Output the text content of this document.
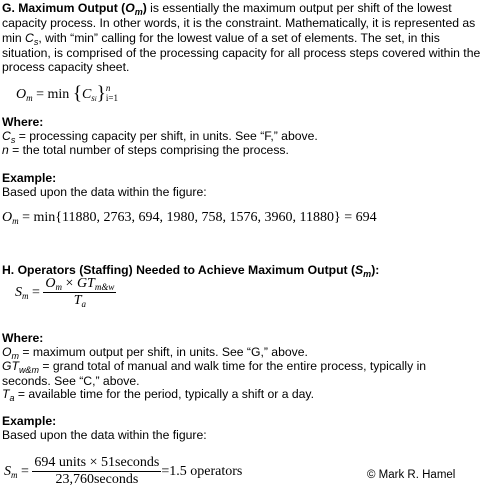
G. Maximum Output $(O_m)$ is essentially the maximum output per shift of the lowest capacity process. In other words, it is the constraint. Mathematically, it is represented as $\min C_s$, with “min” calling for the lowest value of a set of elements. The set, in this situation, is comprised of the processing capacity for all process steps covered within the process capacity sheet.

$O_m = \min \{C_{si}\}n$
i=1

Where:

$C_s$ = processing capacity per shift, in units. See “F,” above.

n = the total number of steps comprising the process.

Example:

Based upon the data within the figure:

$O_m = \min\{11880$, 2763, 694, 1980, 758, 1576, 3960, 11880} = 694

H. Operators (Staffing) Needed to Achieve Maximum Output $(S_m)$:

$S_m = \frac{O_m \times GT_{m\&w}}{T_a}$

Where:

$O_m$ = maximum output per shift, in units. See “G,” above.

$GT_{w\&m}$ = grand total of manual and walk time for the entire process, typically in seconds. See “C,” above.

$T_a$ = available time for the period, typically a shift or a day.

Example:

Based upon the data within the figure:

$S_m = \frac{\text{694 units × 51seconds}}{\text{23,760seconds}} =1.5$ operators	© Mark R. Hamel
